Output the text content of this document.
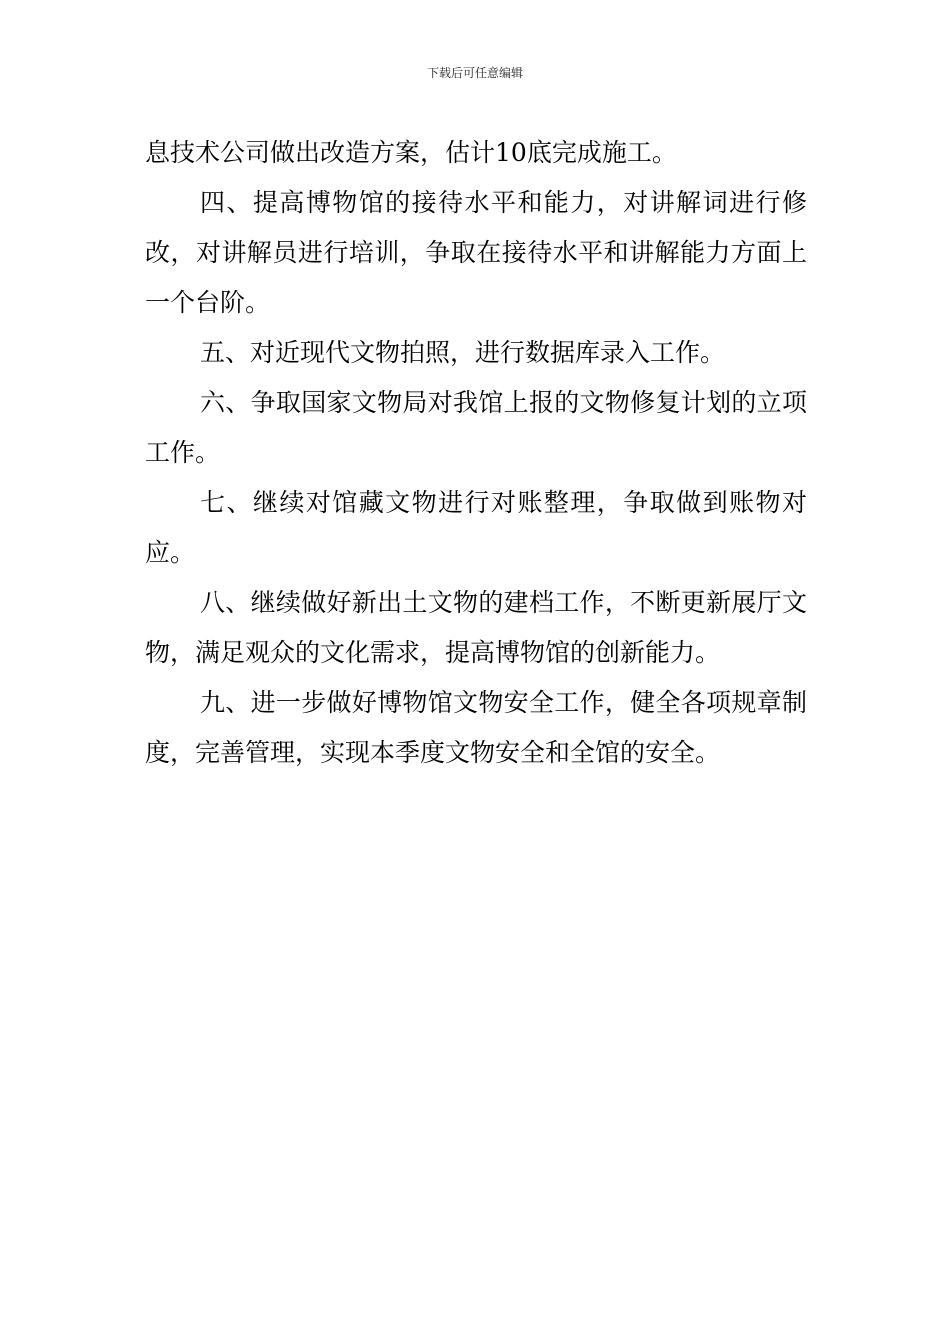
下载后可任意编辑

息技术公司做出改造方案，估计10底完成施工。

四、提高博物馆的接待水平和能力，对讲解词进行修改，对讲解员进行培训，争取在接待水平和讲解能力方面上一个台阶。

五、对近现代文物拍照，进行数据库录入工作。

六、争取国家文物局对我馆上报的文物修复计划的立项工作。

七、继续对馆藏文物进行对账整理，争取做到账物对应。

八、继续做好新出土文物的建档工作，不断更新展厅文物，满足观众的文化需求，提高博物馆的创新能力。

九、进一步做好博物馆文物安全工作，健全各项规章制度，完善管理，实现本季度文物安全和全馆的安全。
